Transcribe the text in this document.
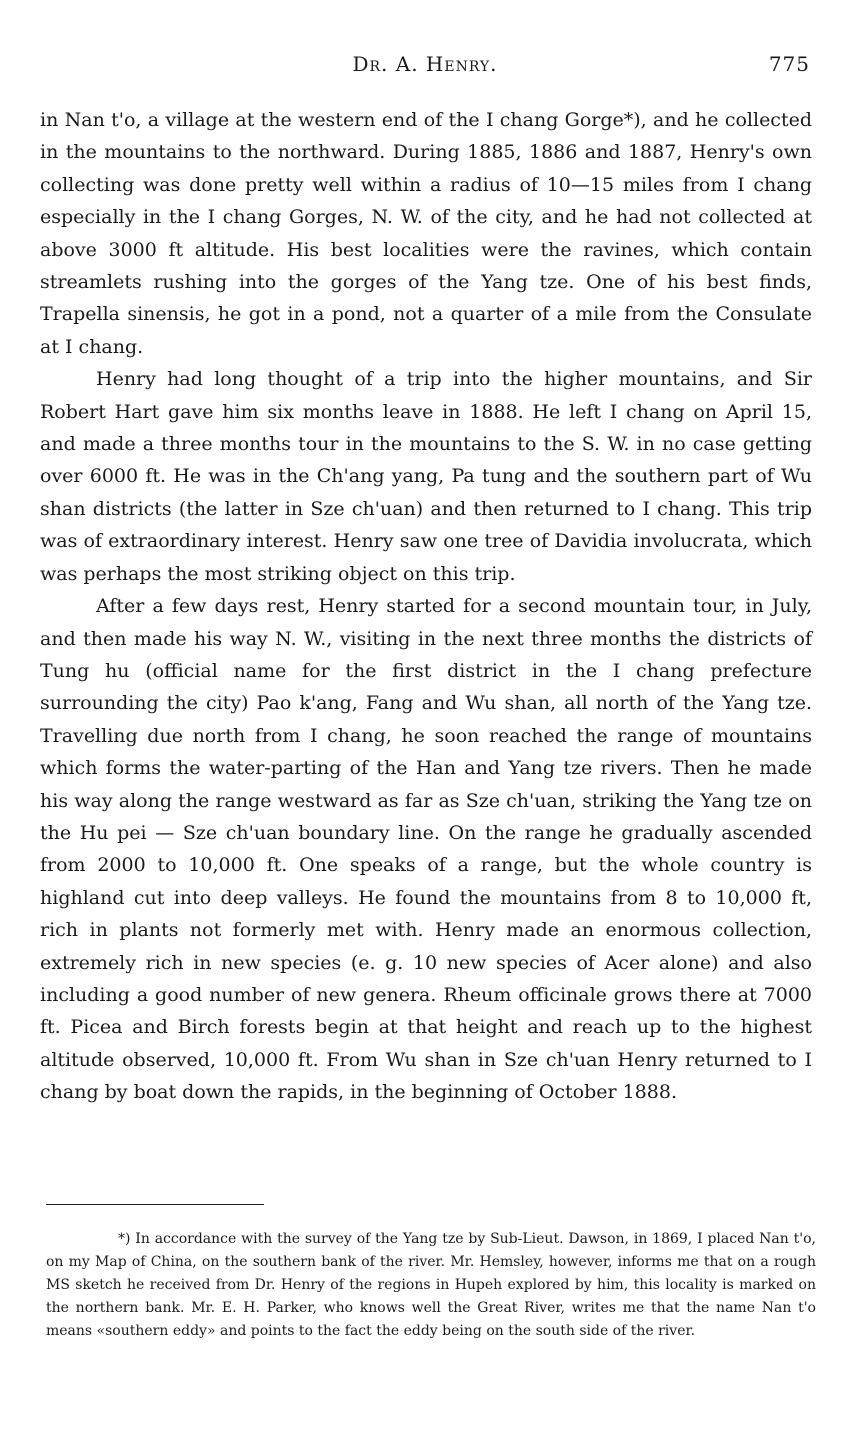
Dr. A. Henry.	775

in Nan t'o, a village at the western end of the I chang Gorge*), and he collected in the mountains to the northward. During 1885, 1886 and 1887, Henry's own collecting was done pretty well within a radius of 10—15 miles from I chang especially in the I chang Gorges, N. W. of the city, and he had not collected at above 3000 ft altitude. His best localities were the ravines, which contain streamlets rushing into the gorges of the Yang tze. One of his best finds, Trapella sinensis, he got in a pond, not a quarter of a mile from the Consulate at I chang.

Henry had long thought of a trip into the higher mountains, and Sir Robert Hart gave him six months leave in 1888. He left I chang on April 15, and made a three months tour in the mountains to the S. W. in no case getting over 6000 ft. He was in the Ch'ang yang, Pa tung and the southern part of Wu shan districts (the latter in Sze ch'uan) and then returned to I chang. This trip was of extraordinary interest. Henry saw one tree of Davidia involucrata, which was perhaps the most striking object on this trip.

After a few days rest, Henry started for a second mountain tour, in July, and then made his way N. W., visiting in the next three months the districts of Tung hu (official name for the first district in the I chang prefecture surrounding the city) Pao k'ang, Fang and Wu shan, all north of the Yang tze. Travelling due north from I chang, he soon reached the range of mountains which forms the water-parting of the Han and Yang tze rivers. Then he made his way along the range westward as far as Sze ch'uan, striking the Yang tze on the Hu pei — Sze ch'uan boundary line. On the range he gradually ascended from 2000 to 10,000 ft. One speaks of a range, but the whole country is highland cut into deep valleys. He found the mountains from 8 to 10,000 ft, rich in plants not formerly met with. Henry made an enormous collection, extremely rich in new species (e. g. 10 new species of Acer alone) and also including a good number of new genera. Rheum officinale grows there at 7000 ft. Picea and Birch forests begin at that height and reach up to the highest altitude observed, 10,000 ft. From Wu shan in Sze ch'uan Henry returned to I chang by boat down the rapids, in the beginning of October 1888.

*) In accordance with the survey of the Yang tze by Sub-Lieut. Dawson, in 1869, I placed Nan t'o, on my Map of China, on the southern bank of the river. Mr. Hemsley, however, informs me that on a rough MS sketch he received from Dr. Henry of the regions in Hupeh explored by him, this locality is marked on the northern bank. Mr. E. H. Parker, who knows well the Great River, writes me that the name Nan t'o means «southern eddy» and points to the fact the eddy being on the south side of the river.
